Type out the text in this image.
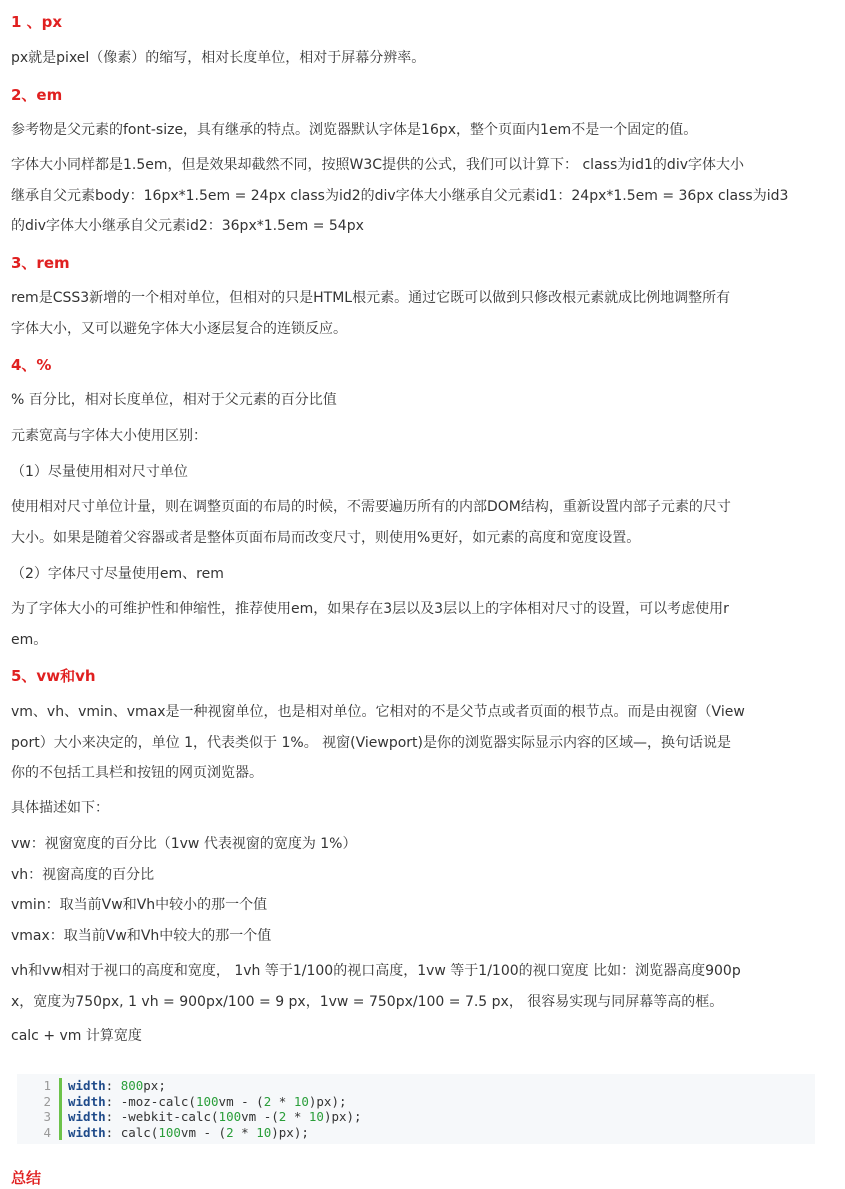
1 、px

px就是pixel（像素）的缩写，相对长度单位，相对于屏幕分辨率。

2、em

参考物是父元素的font-size，具有继承的特点。浏览器默认字体是16px，整个页面内1em不是一个固定的值。

字体大小同样都是1.5em，但是效果却截然不同，按照W3C提供的公式，我们可以计算下： class为id1的div字体大小
继承自父元素body：16px*1.5em = 24px class为id2的div字体大小继承自父元素id1：24px*1.5em = 36px class为id3
的div字体大小继承自父元素id2：36px*1.5em = 54px

3、rem

rem是CSS3新增的一个相对单位，但相对的只是HTML根元素。通过它既可以做到只修改根元素就成比例地调整所有
字体大小，又可以避免字体大小逐层复合的连锁反应。

4、%

% 百分比，相对长度单位，相对于父元素的百分比值

元素宽高与字体大小使用区别：

（1）尽量使用相对尺寸单位

使用相对尺寸单位计量，则在调整页面的布局的时候，不需要遍历所有的内部DOM结构，重新设置内部子元素的尺寸
大小。如果是随着父容器或者是整体页面布局而改变尺寸，则使用%更好，如元素的高度和宽度设置。

（2）字体尺寸尽量使用em、rem

为了字体大小的可维护性和伸缩性，推荐使用em，如果存在3层以及3层以上的字体相对尺寸的设置，可以考虑使用r
em。

5、vw和vh

vm、vh、vmin、vmax是一种视窗单位，也是相对单位。它相对的不是父节点或者页面的根节点。而是由视窗（View
port）大小来决定的，单位 1，代表类似于 1%。 视窗(Viewport)是你的浏览器实际显示内容的区域—，换句话说是
你的不包括工具栏和按钮的网页浏览器。

具体描述如下：

vw：视窗宽度的百分比（1vw 代表视窗的宽度为 1%）
vh：视窗高度的百分比
vmin：取当前Vw和Vh中较小的那一个值
vmax：取当前Vw和Vh中较大的那一个值

vh和vw相对于视口的高度和宽度， 1vh 等于1/100的视口高度，1vw 等于1/100的视口宽度 比如：浏览器高度900p
x，宽度为750px, 1 vh = 900px/100 = 9 px，1vw = 750px/100 = 7.5 px， 很容易实现与同屏幕等高的框。

calc + vm 计算宽度

1
2
3
4
width: 800px;
width: -moz-calc(100vm - (2 * 10)px);
width: -webkit-calc(100vm -(2 * 10)px);
width: calc(100vm - (2 * 10)px);
总结
